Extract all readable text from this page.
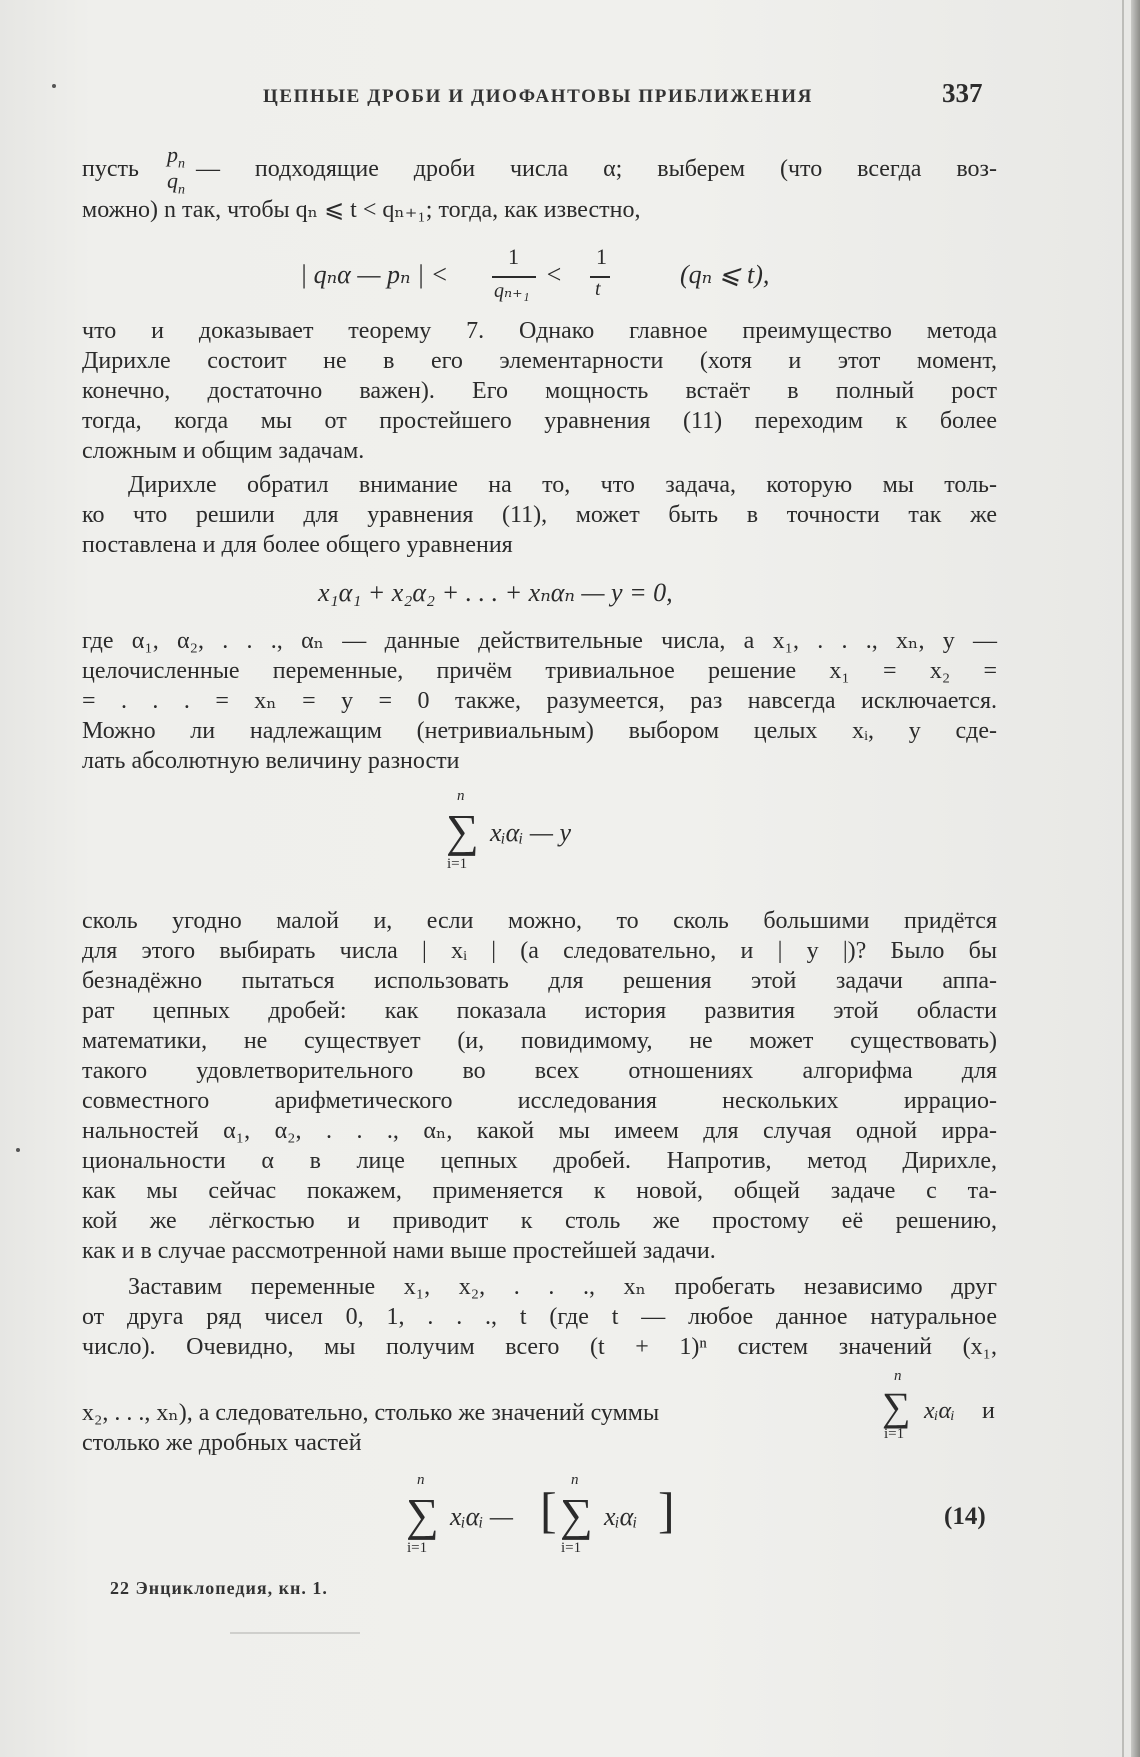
ЦЕПНЫЕ ДРОБИ И ДИОФАНТОВЫ ПРИБЛИЖЕНИЯ	337
пусть
$p_n$
$q_n$
— подходящие дроби числа α; выберем (что всегда воз-
можно) n так, чтобы qₙ ⩽ t < qₙ₊₁; тогда, как известно,
| qₙα — pₙ | <
1
qₙ₊₁
<
1
t	(qₙ ⩽ t),
что и доказывает теорему 7. Однако главное преимущество метода
Дирихле состоит не в его элементарности (хотя и этот момент,
конечно, достаточно важен). Его мощность встаёт в полный рост
тогда, когда мы от простейшего уравнения (11) переходим к более
сложным и общим задачам.
Дирихле обратил внимание на то, что задача, которую мы толь-
ко что решили для уравнения (11), может быть в точности так же
поставлена и для более общего уравнения
x₁α₁ + x₂α₂ + . . . + xₙαₙ — y = 0,
где α₁, α₂, . . ., αₙ — данные действительные числа, а x₁, . . ., xₙ, y —
целочисленные переменные, причём тривиальное решение x₁ = x₂ =
= . . . = xₙ = y = 0 также, разумеется, раз навсегда исключается.
Можно ли надлежащим (нетривиальным) выбором целых xᵢ, y сде-
лать абсолютную величину разности
n
∑
i=1
xᵢαᵢ — y
сколь угодно малой и, если можно, то сколь большими придётся
для этого выбирать числа | xᵢ | (а следовательно, и | y |)? Было бы
безнадёжно пытаться использовать для решения этой задачи аппа-
рат цепных дробей: как показала история развития этой области
математики, не существует (и, повидимому, не может существовать)
такого удовлетворительного во всех отношениях алгорифма для
совместного арифметического исследования нескольких иррацио-
нальностей α₁, α₂, . . ., αₙ, какой мы имеем для случая одной ирра-
циональности α в лице цепных дробей. Напротив, метод Дирихле,
как мы сейчас покажем, применяется к новой, общей задаче с та-
кой же лёгкостью и приводит к столь же простому её решению,
как и в случае рассмотренной нами выше простейшей задачи.
Заставим переменные x₁, x₂, . . ., xₙ пробегать независимо друг
от друга ряд чисел 0, 1, . . ., t (где t — любое данное натуральное
число). Очевидно, мы получим всего (t + 1)ⁿ систем значений (x₁,
x₂, . . ., xₙ), а следовательно, столько же значений суммы
n
∑
i=1
xᵢαᵢ и
столько же дробных частей
n
∑
i=1
xᵢαᵢ — [
n
∑
i=1
xᵢαᵢ ]	(14)
22 Энциклопедия, кн. 1.
